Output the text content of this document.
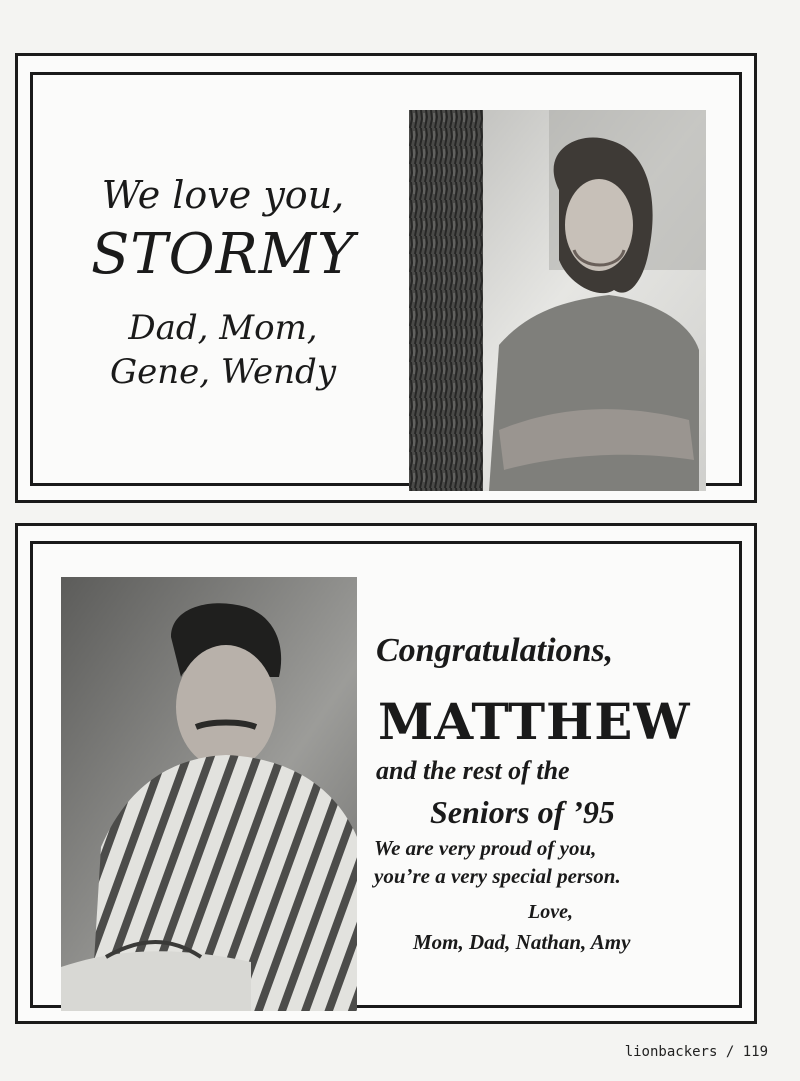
We love you,

STORMY

Dad, Mom,
Gene, Wendy
Congratulations,
MATTHEW
and the rest of the
Seniors of ’95
We are very proud of you,
you’re a very special person.
Love,
Mom, Dad, Nathan, Amy
lionbackers / 119
